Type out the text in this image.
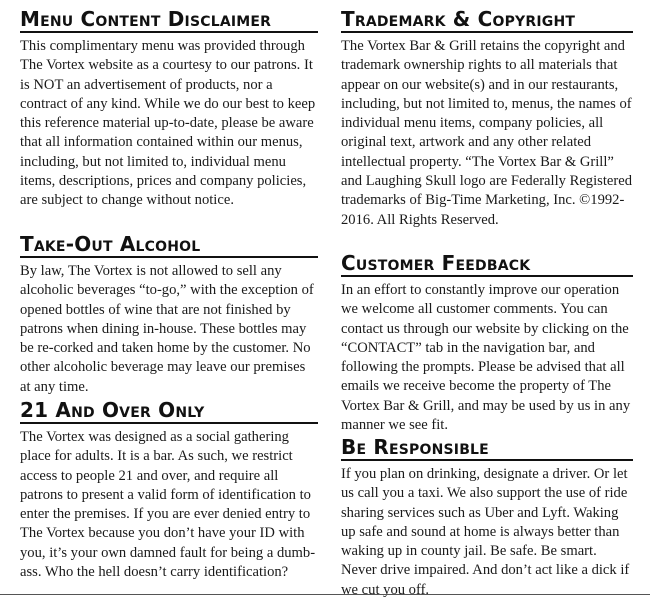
Menu Content Disclaimer

This complimentary menu was provided through The Vortex website as a courtesy to our patrons. It is NOT an advertisement of products, nor a contract of any kind. While we do our best to keep this reference material up-to-date, please be aware that all information contained within our menus, including, but not limited to, individual menu items, descriptions, prices and company policies, are subject to change without notice.

Take-Out Alcohol

By law, The Vortex is not allowed to sell any alcoholic beverages “to-go,” with the exception of opened bottles of wine that are not finished by patrons when dining in-house. These bottles may be re-corked and taken home by the customer. No other alcoholic beverage may leave our premises at any time.

21 And Over Only

The Vortex was designed as a social gathering place for adults. It is a bar. As such, we restrict access to people 21 and over, and require all patrons to present a valid form of identification to enter the premises. If you are ever denied entry to The Vortex because you don’t have your ID with you, it’s your own damned fault for being a dumb-ass. Who the hell doesn’t carry identification?

Trademark & Copyright

The Vortex Bar & Grill retains the copyright and trademark ownership rights to all materials that appear on our website(s) and in our restaurants, including, but not limited to, menus, the names of individual menu items, company policies, all original text, artwork and any other related intellectual property. “The Vortex Bar & Grill” and Laughing Skull logo are Federally Registered trademarks of Big-Time Marketing, Inc. ©1992-2016. All Rights Reserved.

Customer Feedback

In an effort to constantly improve our operation we welcome all customer comments. You can contact us through our website by clicking on the “CONTACT” tab in the navigation bar, and following the prompts. Please be advised that all emails we receive become the property of The Vortex Bar & Grill, and may be used by us in any manner we see fit.

Be Responsible

If you plan on drinking, designate a driver. Or let us call you a taxi. We also support the use of ride sharing services such as Uber and Lyft. Waking up safe and sound at home is always better than waking up in county jail. Be safe. Be smart. Never drive impaired. And don’t act like a dick if we cut you off.
